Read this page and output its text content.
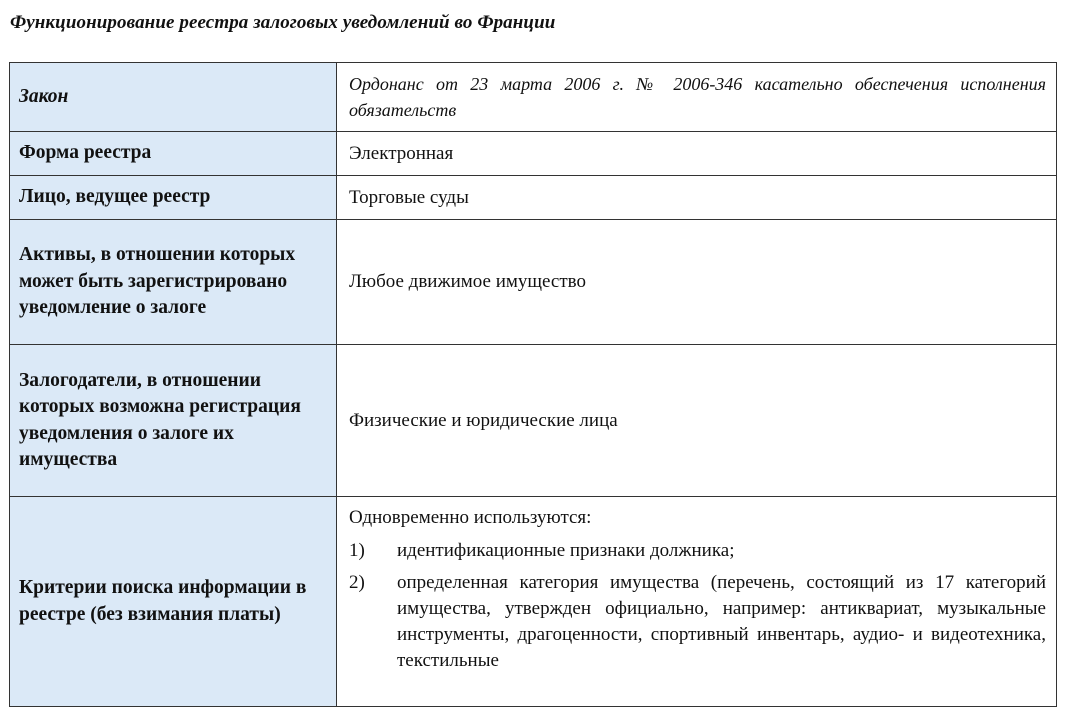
Функционирование реестра залоговых уведомлений во Франции
Закон	Ордонанс от 23 марта 2006 г. № 2006-346 касательно обеспечения исполнения обязательств
Форма реестра	Электронная
Лицо, ведущее реестр	Торговые суды
Активы, в отношении которых может быть зарегистрировано уведомление о залоге	Любое движимое имущество
Залогодатели, в отношении которых возможна регистрация уведомления о залоге их имущества	Физические и юридические лица
Критерии поиска информации в реестре (без взимания платы)	Одновременно используются:
1) идентификационные признаки должника;
2) определенная категория имущества (перечень, состоящий из 17 категорий имущества, утвержден официально, например: антиквариат, музыкальные инструменты, драгоценности, спортивный инвентарь, аудио- и видеотехника, текстильные
